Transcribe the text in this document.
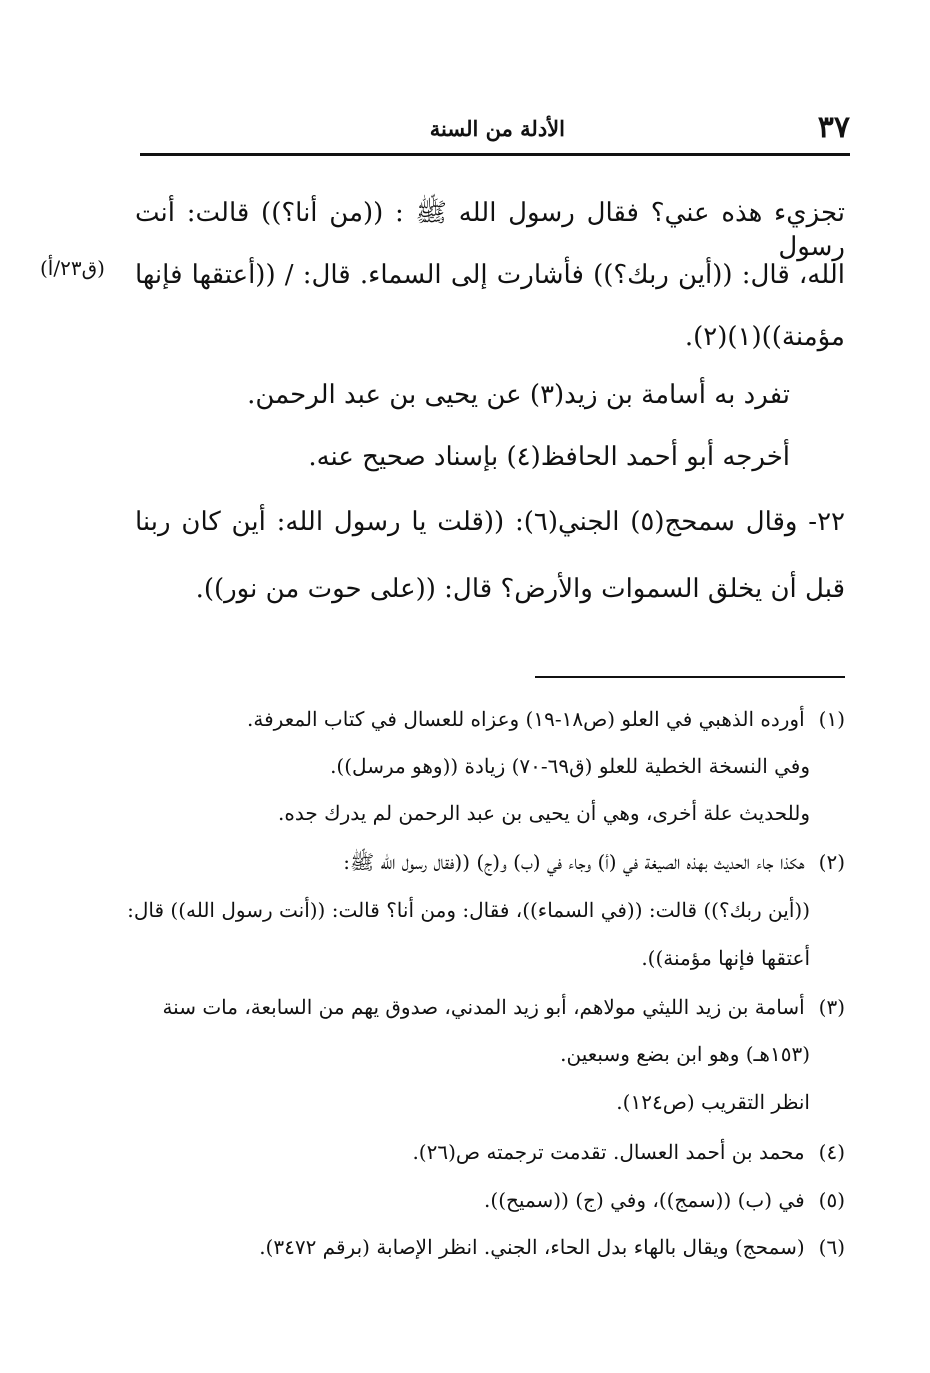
٣٧
الأدلة من السنة
تجزيء هذه عني؟ فقال رسول الله ﷺ : ((من أنا؟)) قالت: أنت رسول
الله، قال: ((أين ربك؟)) فأشارت إلى السماء. قال: / ((أعتقها فإنها
(ق٢٣/أ)
مؤمنة))(١)(٢).
تفرد به أسامة بن زيد(٣) عن يحيى بن عبد الرحمن.
أخرجه أبو أحمد الحافظ(٤) بإسناد صحيح عنه.
٢٢- وقال سمحج(٥) الجني(٦): ((قلت يا رسول الله: أين كان ربنا
قبل أن يخلق السموات والأرض؟ قال: ((على حوت من نور)).
(١) أورده الذهبي في العلو (ص١٨-١٩) وعزاه للعسال في كتاب المعرفة.
وفي النسخة الخطية للعلو (ق٦٩-٧٠) زيادة ((وهو مرسل)).
وللحديث علة أخرى، وهي أن يحيى بن عبد الرحمن لم يدرك جده.
(٢) هكذا جاء الحديث بهذه الصيغة في (أ) وجاء في (ب) و(ج) ((فقال رسول الله ﷺ:
((أين ربك؟)) قالت: ((في السماء))، فقال: ومن أنا؟ قالت: ((أنت رسول الله)) قال:
أعتقها فإنها مؤمنة)).
(٣) أسامة بن زيد الليثي مولاهم، أبو زيد المدني، صدوق يهم من السابعة، مات سنة
(١٥٣هـ) وهو ابن بضع وسبعين.
انظر التقريب (ص١٢٤).
(٤) محمد بن أحمد العسال. تقدمت ترجمته ص(٢٦).
(٥) في (ب) ((سمج))، وفي (ج) ((سميح)).
(٦) (سمحج) ويقال بالهاء بدل الحاء، الجني. انظر الإصابة (برقم ٣٤٧٢).
